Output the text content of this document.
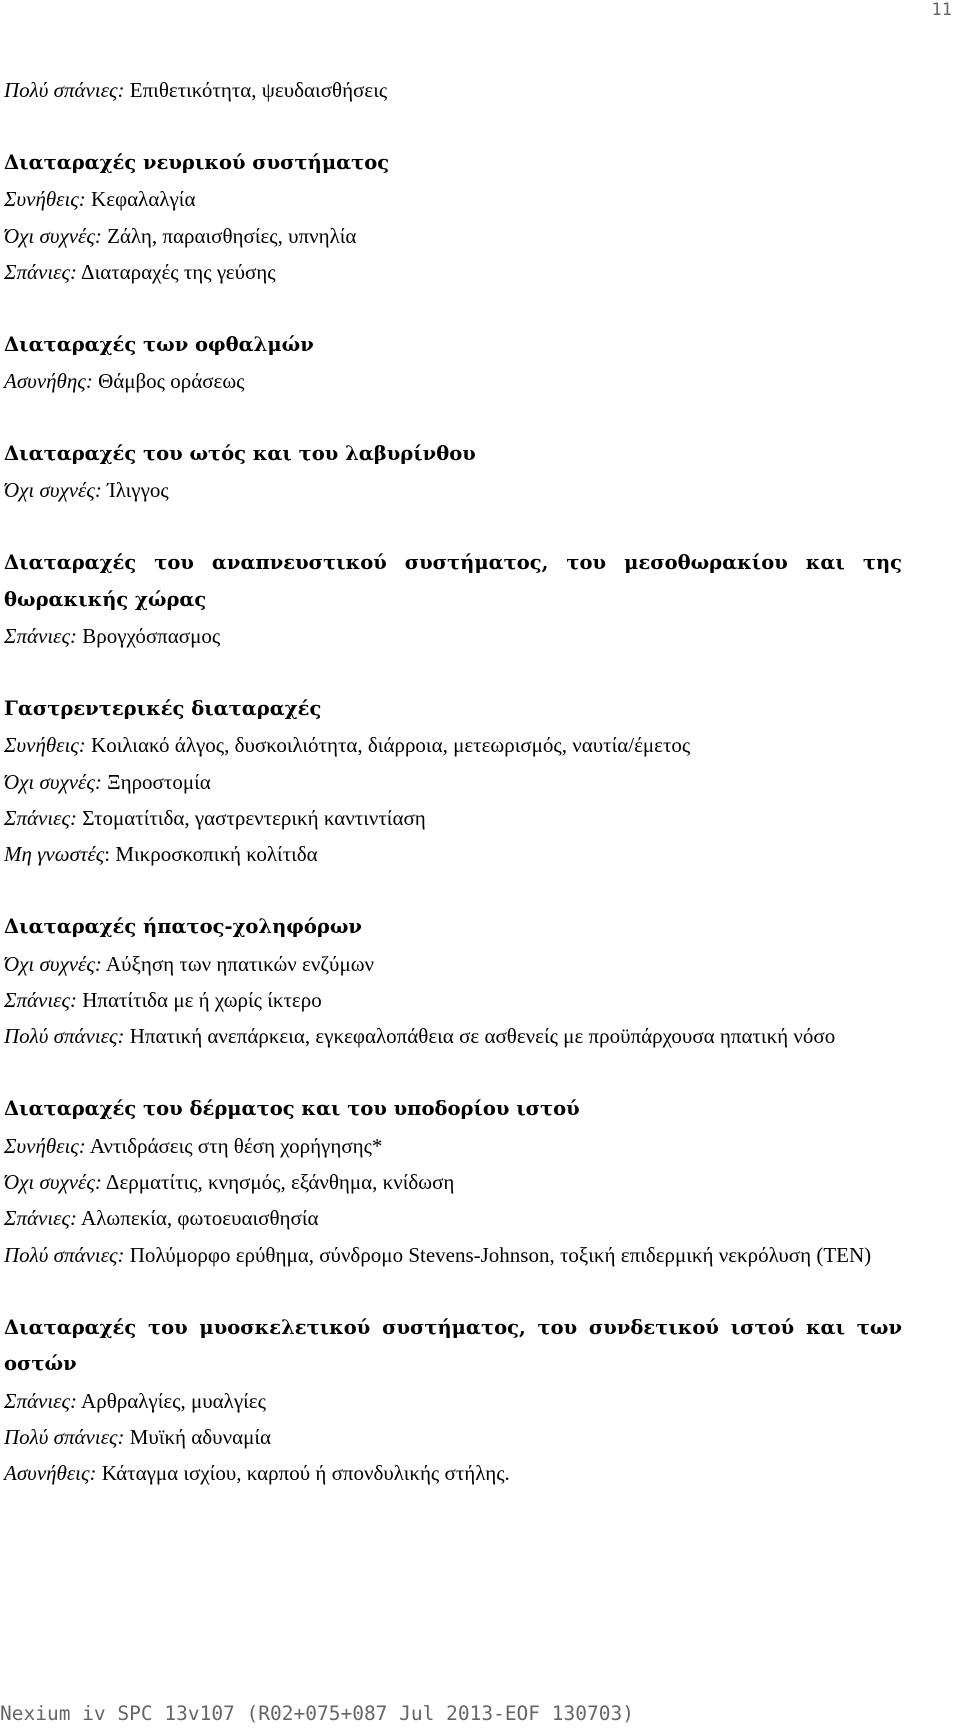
11
Πολύ σπάνιες: Επιθετικότητα, ψευδαισθήσεις
Διαταραχές νευρικού συστήματος
Συνήθεις: Κεφαλαλγία
Όχι συχνές: Ζάλη, παραισθησίες, υπνηλία
Σπάνιες: Διαταραχές της γεύσης
Διαταραχές των οφθαλμών
Ασυνήθης: Θάμβος οράσεως
Διαταραχές του ωτός και του λαβυρίνθου
Όχι συχνές: Ίλιγγος
Διαταραχές του αναπνευστικού συστήματος, του μεσοθωρακίου και της θωρακικής χώρας
Σπάνιες: Βρογχόσπασμος
Γαστρεντερικές διαταραχές
Συνήθεις: Κοιλιακό άλγος, δυσκοιλιότητα, διάρροια, μετεωρισμός, ναυτία/έμετος
Όχι συχνές: Ξηροστομία
Σπάνιες: Στοματίτιδα, γαστρεντερική καντιντίαση
Μη γνωστές: Μικροσκοπική κολίτιδα
Διαταραχές ήπατος-χοληφόρων
Όχι συχνές: Αύξηση των ηπατικών ενζύμων
Σπάνιες: Ηπατίτιδα με ή χωρίς ίκτερο
Πολύ σπάνιες: Ηπατική ανεπάρκεια, εγκεφαλοπάθεια σε ασθενείς με προϋπάρχουσα ηπατική νόσο
Διαταραχές του δέρματος και του υποδορίου ιστού
Συνήθεις: Αντιδράσεις στη θέση χορήγησης*
Όχι συχνές: Δερματίτις, κνησμός, εξάνθημα, κνίδωση
Σπάνιες: Αλωπεκία, φωτοευαισθησία
Πολύ σπάνιες: Πολύμορφο ερύθημα, σύνδρομο Stevens-Johnson, τοξική επιδερμική νεκρόλυση (TEN)
Διαταραχές του μυοσκελετικού συστήματος, του συνδετικού ιστού και των οστών
Σπάνιες: Αρθραλγίες, μυαλγίες
Πολύ σπάνιες: Μυϊκή αδυναμία
Ασυνήθεις: Κάταγμα ισχίου, καρπού ή σπονδυλικής στήλης.
Nexium iv SPC 13v107 (R02+075+087 Jul 2013-EOF 130703)
